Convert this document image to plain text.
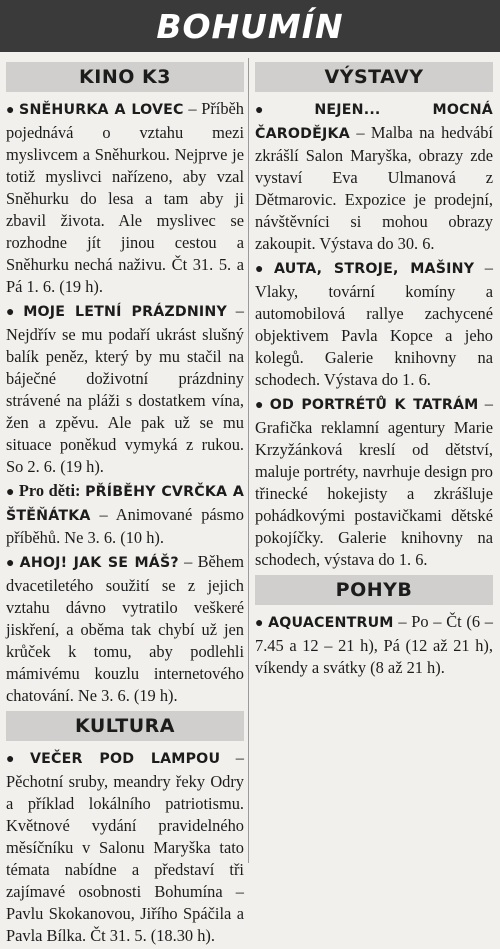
BOHUMÍN
KINO K3

● SNĚHURKA A LOVEC – Příběh pojednává o vztahu mezi myslivcem a Sněhurkou. Nejprve je totiž myslivci nařízeno, aby vzal Sněhurku do lesa a tam aby ji zbavil života. Ale myslivec se rozhodne jít jinou cestou a Sněhurku nechá naživu. Čt 31. 5. a Pá 1. 6. (19 h).

● MOJE LETNÍ PRÁZDNINY – Nejdřív se mu podaří ukrást slušný balík peněz, který by mu stačil na báječné doživotní prázdniny strávené na pláži s dostatkem vína, žen a zpěvu. Ale pak už se mu situace poněkud vymyká z rukou. So 2. 6. (19 h).

● Pro děti: PŘÍBĚHY CVRČKA A ŠTĚŇÁTKA – Animované pásmo příběhů. Ne 3. 6. (10 h).

● AHOJ! JAK SE MÁŠ? – Během dvacetiletého soužití se z jejich vztahu dávno vytratilo veškeré jiskření, a oběma tak chybí už jen krůček k tomu, aby podlehli mámivému kouzlu internetového chatování. Ne 3. 6. (19 h).

KULTURA

● VEČER POD LAMPOU – Pěchotní sruby, meandry řeky Odry a příklad lokálního patriotismu. Květnové vydání pravidelného měsíčníku v Salonu Maryška tato témata nabídne a představí tři zajímavé osobnosti Bohumína – Pavlu Skokanovou, Jiřího Spáčila a Pavla Bílka. Čt 31. 5. (18.30 h).

VÝSTAVY

● NEJEN... MOCNÁ ČARODĚJKA – Malba na hedvábí zkrášlí Salon Maryška, obrazy zde vystaví Eva Ulmanová z Dětmarovic. Expozice je prodejní, návštěvníci si mohou obrazy zakoupit. Výstava do 30. 6.

● AUTA, STROJE, MAŠINY – Vlaky, tovární komíny a automobilová rallye zachycené objektivem Pavla Kopce a jeho kolegů. Galerie knihovny na schodech. Výstava do 1. 6.

● OD PORTRÉTŮ K TATRÁM – Grafička reklamní agentury Marie Krzyžánková kreslí od dětství, maluje portréty, navrhuje design pro třinecké hokejisty a zkrášluje pohádkovými postavičkami dětské pokojíčky. Galerie knihovny na schodech, výstava do 1. 6.

POHYB

● AQUACENTRUM – Po – Čt (6 – 7.45 a 12 – 21 h), Pá (12 až 21 h), víkendy a svátky (8 až 21 h).
